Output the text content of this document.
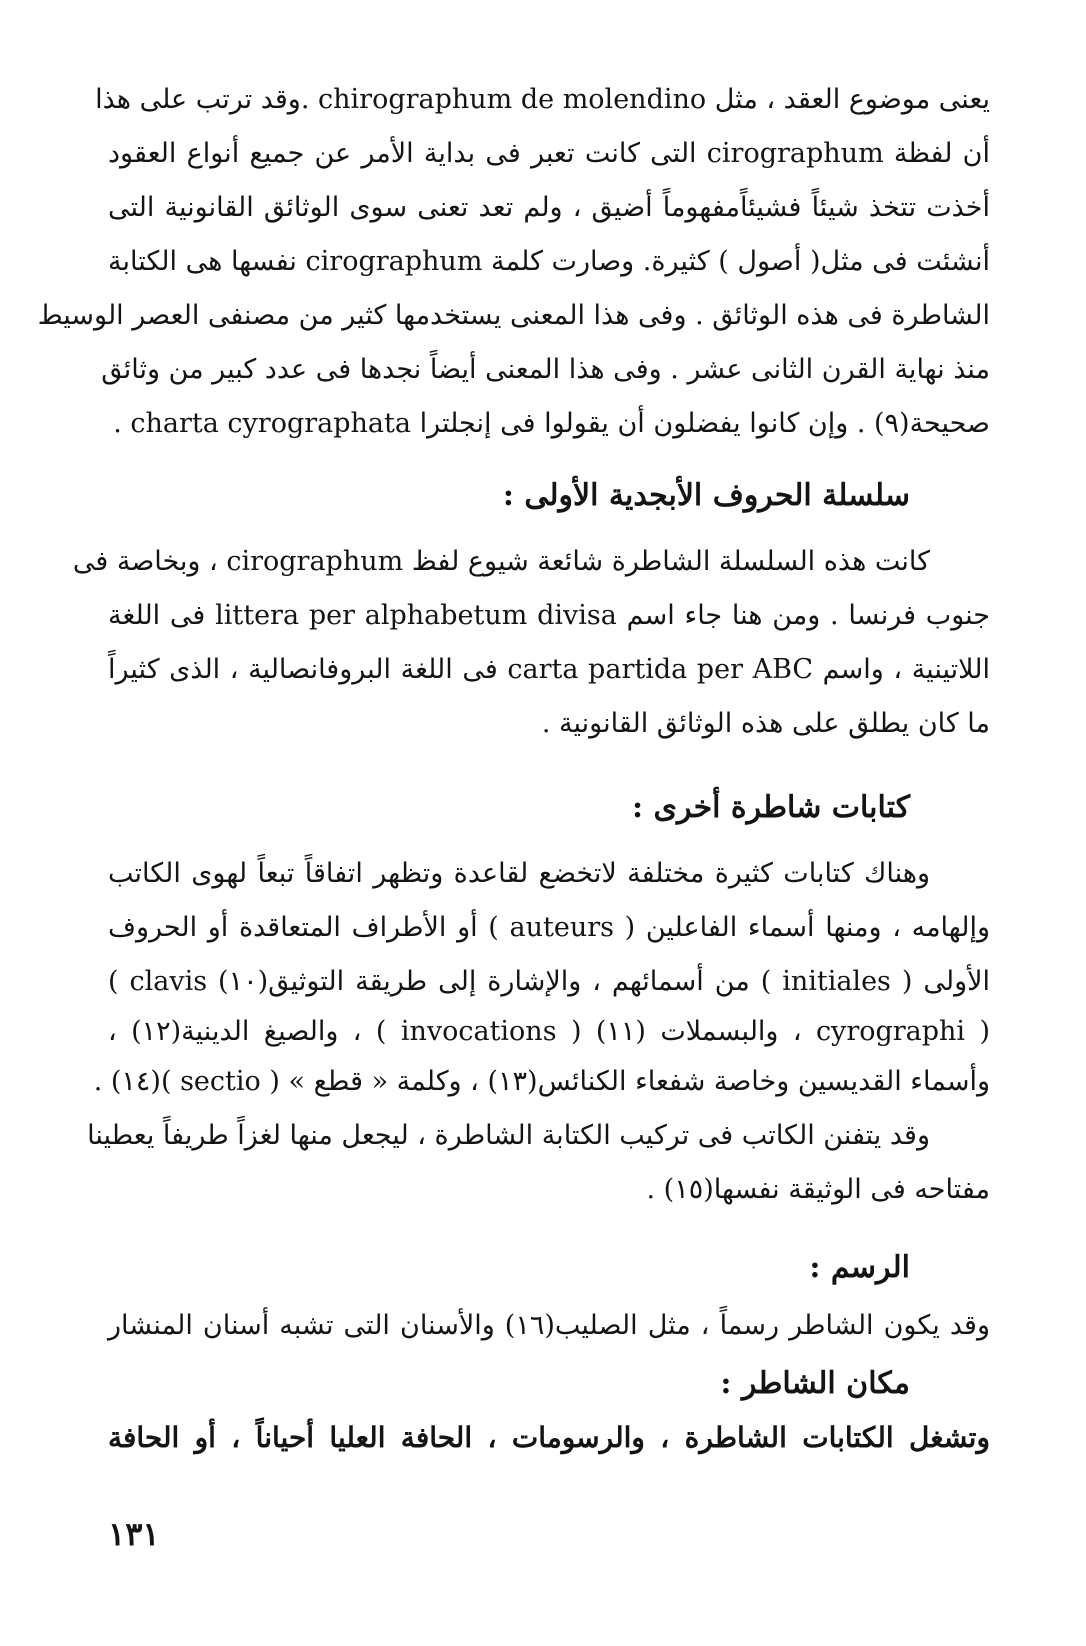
يعنى موضوع العقد ، مثل chirographum de molendino .وقد ترتب على هذا
أن لفظة cirographum التى كانت تعبر فى بداية الأمر عن جميع أنواع العقود
أخذت تتخذ شيئاً فشيئاًمفهوماً أضيق ، ولم تعد تعنى سوى الوثائق القانونية التى
أنشئت فى مثل( أصول ) كثيرة. وصارت كلمة cirographum نفسها هى الكتابة
الشاطرة فى هذه الوثائق . وفى هذا المعنى يستخدمها كثير من مصنفى العصر الوسيط
منذ نهاية القرن الثانى عشر . وفى هذا المعنى أيضاً نجدها فى عدد كبير من وثائق
صحيحة(٩) . وإن كانوا يفضلون أن يقولوا فى إنجلترا charta cyrographata .
سلسلة الحروف الأبجدية الأولى :
كانت هذه السلسلة الشاطرة شائعة شيوع لفظ cirographum ، وبخاصة فى
جنوب فرنسا . ومن هنا جاء اسم littera per alphabetum divisa فى اللغة
اللاتينية ، واسم carta partida per ABC فى اللغة البروفانصالية ، الذى كثيراً
ما كان يطلق على هذه الوثائق القانونية .
كتابات شاطرة أخرى :
وهناك كتابات كثيرة مختلفة لاتخضع لقاعدة وتظهر اتفاقاً تبعاً لهوى الكاتب
وإلهامه ، ومنها أسماء الفاعلين ( auteurs ) أو الأطراف المتعاقدة أو الحروف
الأولى ( initiales ) من أسمائهم ، والإشارة إلى طريقة التوثيق(١٠) clavis )
( cyrographi ، والبسملات (١١) ( invocations ) ، والصيغ الدينية(١٢) ،
وأسماء القديسين وخاصة شفعاء الكنائس(١٣) ، وكلمة « قطع » ( sectio )(١٤) .
وقد يتفنن الكاتب فى تركيب الكتابة الشاطرة ، ليجعل منها لغزاً طريفاً يعطينا
مفتاحه فى الوثيقة نفسها(١٥) .
الرسم :
وقد يكون الشاطر رسماً ، مثل الصليب(١٦) والأسنان التى تشبه أسنان المنشار
مكان الشاطر :
وتشغل الكتابات الشاطرة ، والرسومات ، الحافة العليا أحياناً ، أو الحافة
١٣١
